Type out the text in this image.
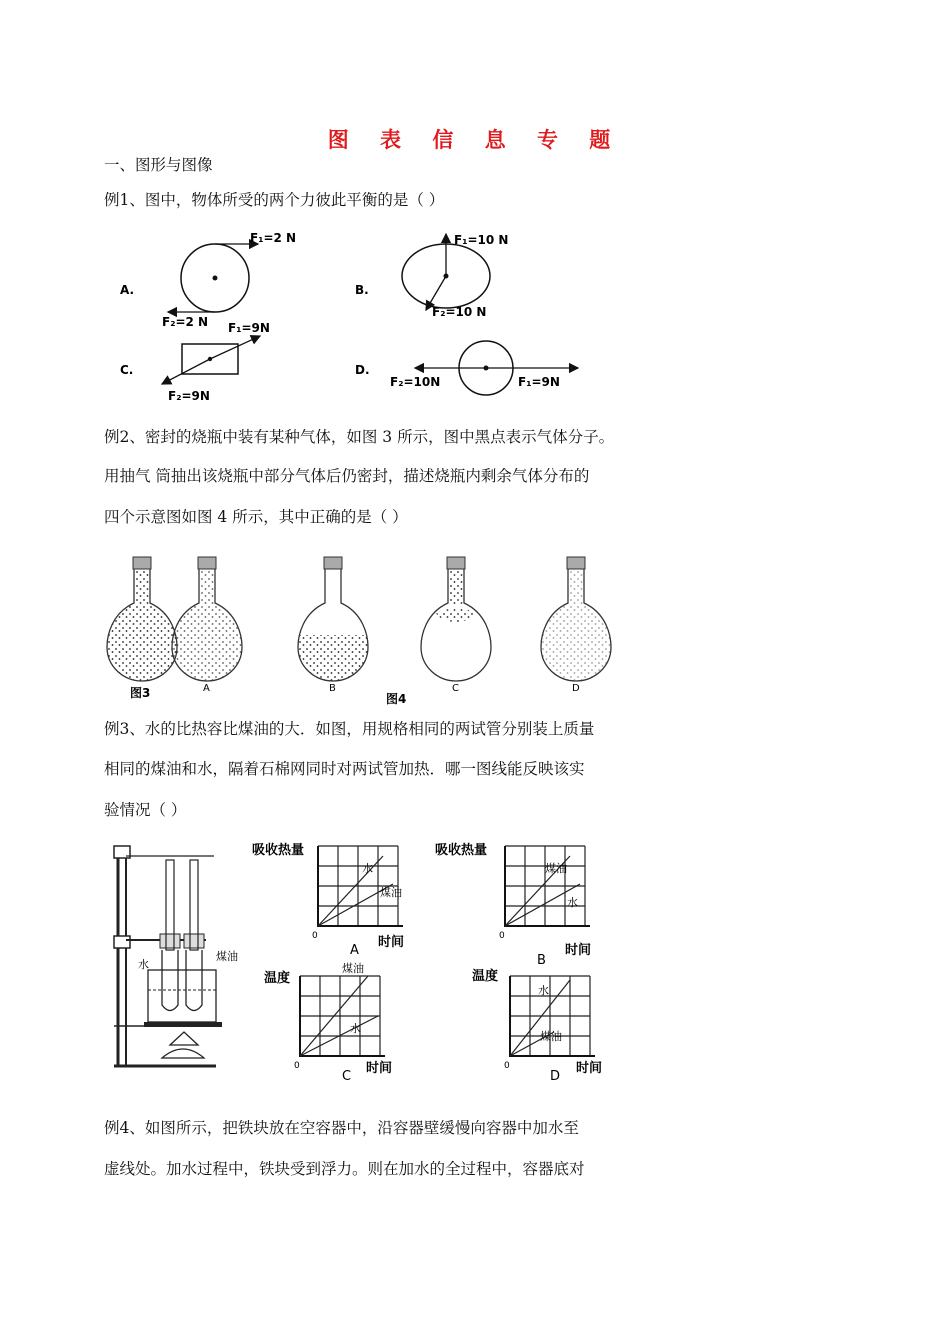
图 表 信 息 专 题
一、图形与图像
例1、图中，物体所受的两个力彼此平衡的是（ ）
A.
F₁=2 N
F₂=2 N
B.
F₁=10 N
F₂=10 N
C.
F₁=9N
F₂=9N
D.
F₁=9N
F₂=10N
例2、密封的烧瓶中装有某种气体，如图 3 所示，图中黑点表示气体分子。
用抽气 筒抽出该烧瓶中部分气体后仍密封，描述烧瓶内剩余气体分布的
四个示意图如图 4 所示，其中正确的是（ ）
图3	A	B
图4
C	D
例3、水的比热容比煤油的大．如图，用规格相同的两试管分别装上质量
相同的煤油和水，隔着石棉网同时对两试管加热．哪一图线能反映该实
验情况（ ）
水
煤油
吸收热量
水
煤油
0
A
时间
吸收热量
煤油
水
0
B
时间
温度
煤油
水
0
C
时间
温度
水
煤油
0
D
时间
例4、如图所示，把铁块放在空容器中，沿容器壁缓慢向容器中加水至
虚线处。加水过程中，铁块受到浮力。则在加水的全过程中，容器底对
